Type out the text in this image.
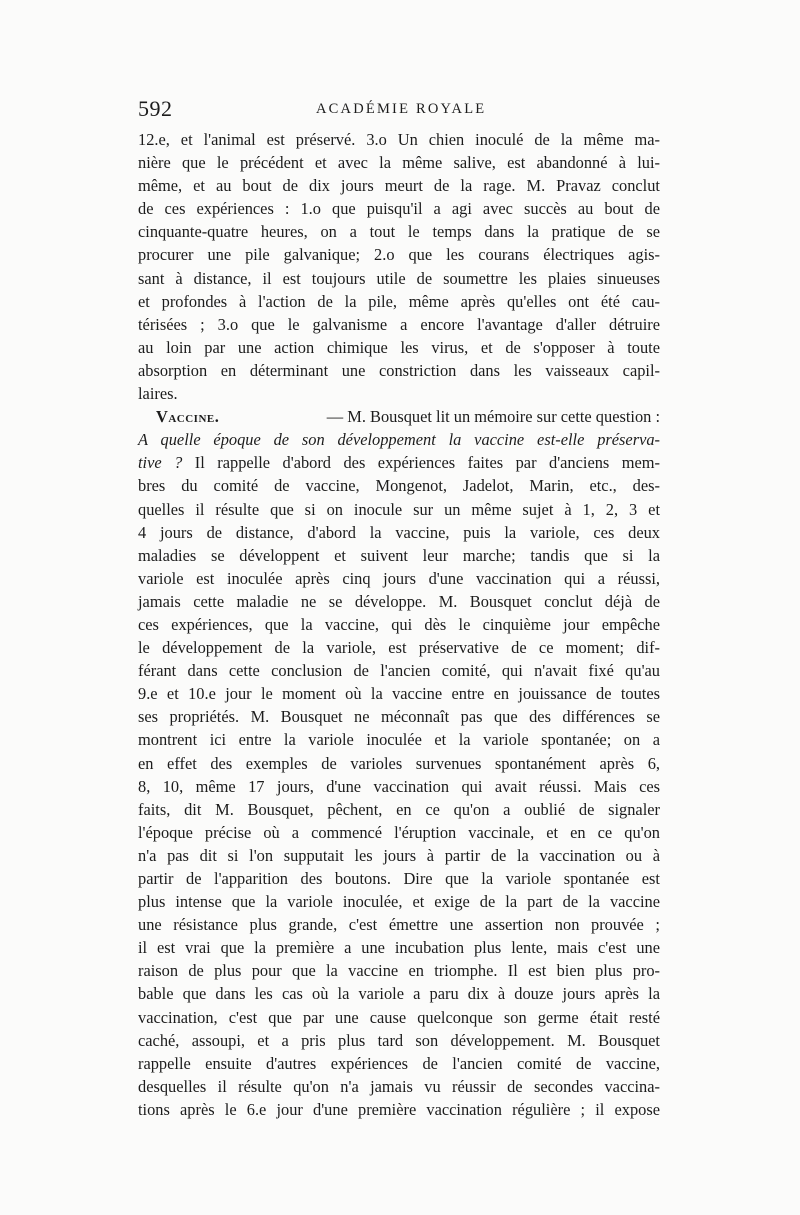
592	ACADÉMIE ROYALE
12.e, et l'animal est préservé. 3.o Un chien inoculé de la même ma-
nière que le précédent et avec la même salive, est abandonné à lui-
même, et au bout de dix jours meurt de la rage. M. Pravaz conclut
de ces expériences : 1.o que puisqu'il a agi avec succès au bout de
cinquante-quatre heures, on a tout le temps dans la pratique de se
procurer une pile galvanique; 2.o que les courans électriques agis-
sant à distance, il est toujours utile de soumettre les plaies sinueuses
et profondes à l'action de la pile, même après qu'elles ont été cau-
térisées ; 3.o que le galvanisme a encore l'avantage d'aller détruire
au loin par une action chimique les virus, et de s'opposer à toute
absorption en déterminant une constriction dans les vaisseaux capil-
laires.
Vaccine.	— M. Bousquet lit un mémoire sur cette question :
A quelle époque de son développement la vaccine est-elle préserva-
tive ? Il rappelle d'abord des expériences faites par d'anciens mem-
bres du comité de vaccine, Mongenot, Jadelot, Marin, etc., des-
quelles il résulte que si on inocule sur un même sujet à 1, 2, 3 et
4 jours de distance, d'abord la vaccine, puis la variole, ces deux
maladies se développent et suivent leur marche; tandis que si la
variole est inoculée après cinq jours d'une vaccination qui a réussi,
jamais cette maladie ne se développe. M. Bousquet conclut déjà de
ces expériences, que la vaccine, qui dès le cinquième jour empêche
le développement de la variole, est préservative de ce moment; dif-
férant dans cette conclusion de l'ancien comité, qui n'avait fixé qu'au
9.e et 10.e jour le moment où la vaccine entre en jouissance de toutes
ses propriétés. M. Bousquet ne méconnaît pas que des différences se
montrent ici entre la variole inoculée et la variole spontanée; on a
en effet des exemples de varioles survenues spontanément après 6,
8, 10, même 17 jours, d'une vaccination qui avait réussi. Mais ces
faits, dit M. Bousquet, pêchent, en ce qu'on a oublié de signaler
l'époque précise où a commencé l'éruption vaccinale, et en ce qu'on
n'a pas dit si l'on supputait les jours à partir de la vaccination ou à
partir de l'apparition des boutons. Dire que la variole spontanée est
plus intense que la variole inoculée, et exige de la part de la vaccine
une résistance plus grande, c'est émettre une assertion non prouvée ;
il est vrai que la première a une incubation plus lente, mais c'est une
raison de plus pour que la vaccine en triomphe. Il est bien plus pro-
bable que dans les cas où la variole a paru dix à douze jours après la
vaccination, c'est que par une cause quelconque son germe était resté
caché, assoupi, et a pris plus tard son développement. M. Bousquet
rappelle ensuite d'autres expériences de l'ancien comité de vaccine,
desquelles il résulte qu'on n'a jamais vu réussir de secondes vaccina-
tions après le 6.e jour d'une première vaccination régulière ; il expose
